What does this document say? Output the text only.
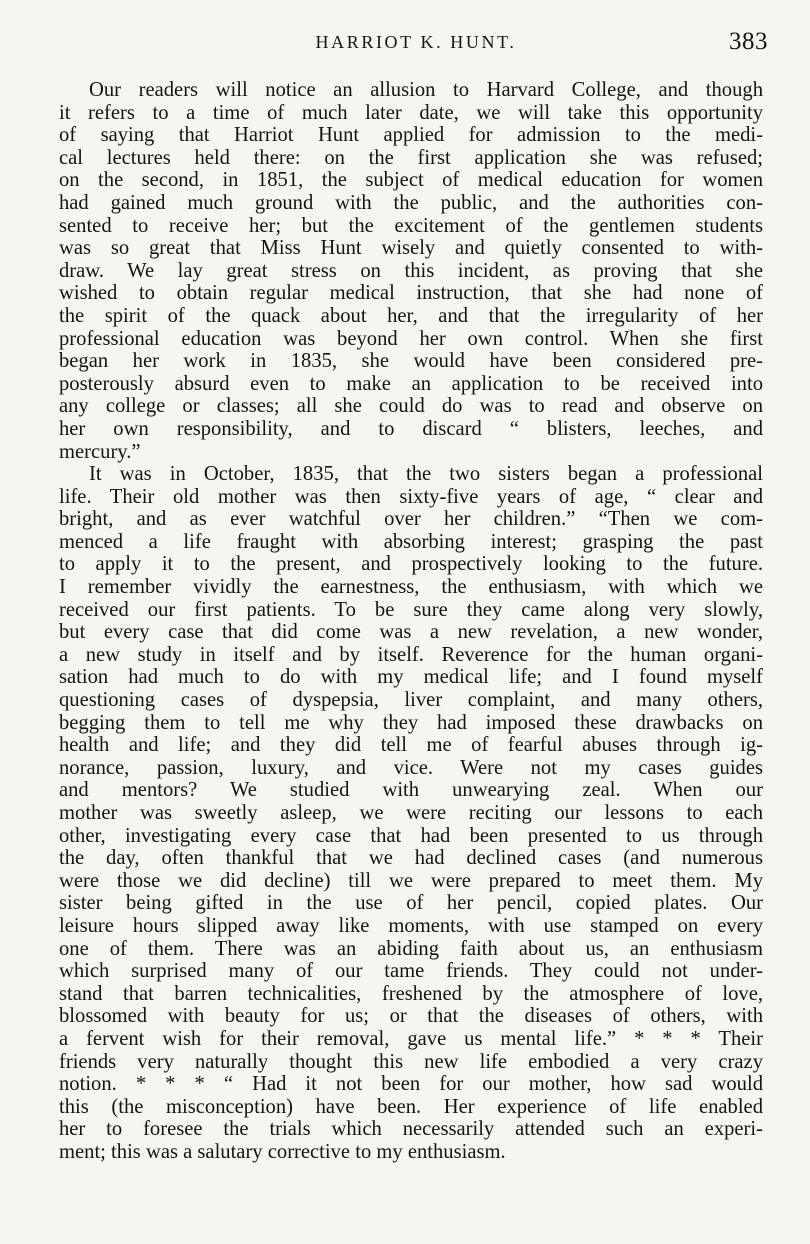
HARRIOT K. HUNT.	383
Our readers will notice an allusion to Harvard College, and though
it refers to a time of much later date, we will take this opportunity
of saying that Harriot Hunt applied for admission to the medi-
cal lectures held there: on the first application she was refused;
on the second, in 1851, the subject of medical education for women
had gained much ground with the public, and the authorities con-
sented to receive her; but the excitement of the gentlemen students
was so great that Miss Hunt wisely and quietly consented to with-
draw. We lay great stress on this incident, as proving that she
wished to obtain regular medical instruction, that she had none of
the spirit of the quack about her, and that the irregularity of her
professional education was beyond her own control. When she first
began her work in 1835, she would have been considered pre-
posterously absurd even to make an application to be received into
any college or classes; all she could do was to read and observe on
her own responsibility, and to discard “ blisters, leeches, and
mercury.”
It was in October, 1835, that the two sisters began a professional
life. Their old mother was then sixty-five years of age, “ clear and
bright, and as ever watchful over her children.” “Then we com-
menced a life fraught with absorbing interest; grasping the past
to apply it to the present, and prospectively looking to the future.
I remember vividly the earnestness, the enthusiasm, with which we
received our first patients. To be sure they came along very slowly,
but every case that did come was a new revelation, a new wonder,
a new study in itself and by itself. Reverence for the human organi-
sation had much to do with my medical life; and I found myself
questioning cases of dyspepsia, liver complaint, and many others,
begging them to tell me why they had imposed these drawbacks on
health and life; and they did tell me of fearful abuses through ig-
norance, passion, luxury, and vice. Were not my cases guides
and mentors? We studied with unwearying zeal. When our
mother was sweetly asleep, we were reciting our lessons to each
other, investigating every case that had been presented to us through
the day, often thankful that we had declined cases (and numerous
were those we did decline) till we were prepared to meet them. My
sister being gifted in the use of her pencil, copied plates. Our
leisure hours slipped away like moments, with use stamped on every
one of them. There was an abiding faith about us, an enthusiasm
which surprised many of our tame friends. They could not under-
stand that barren technicalities, freshened by the atmosphere of love,
blossomed with beauty for us; or that the diseases of others, with
a fervent wish for their removal, gave us mental life.” * * * Their
friends very naturally thought this new life embodied a very crazy
notion. * * * “ Had it not been for our mother, how sad would
this (the misconception) have been. Her experience of life enabled
her to foresee the trials which necessarily attended such an experi-
ment; this was a salutary corrective to my enthusiasm.
